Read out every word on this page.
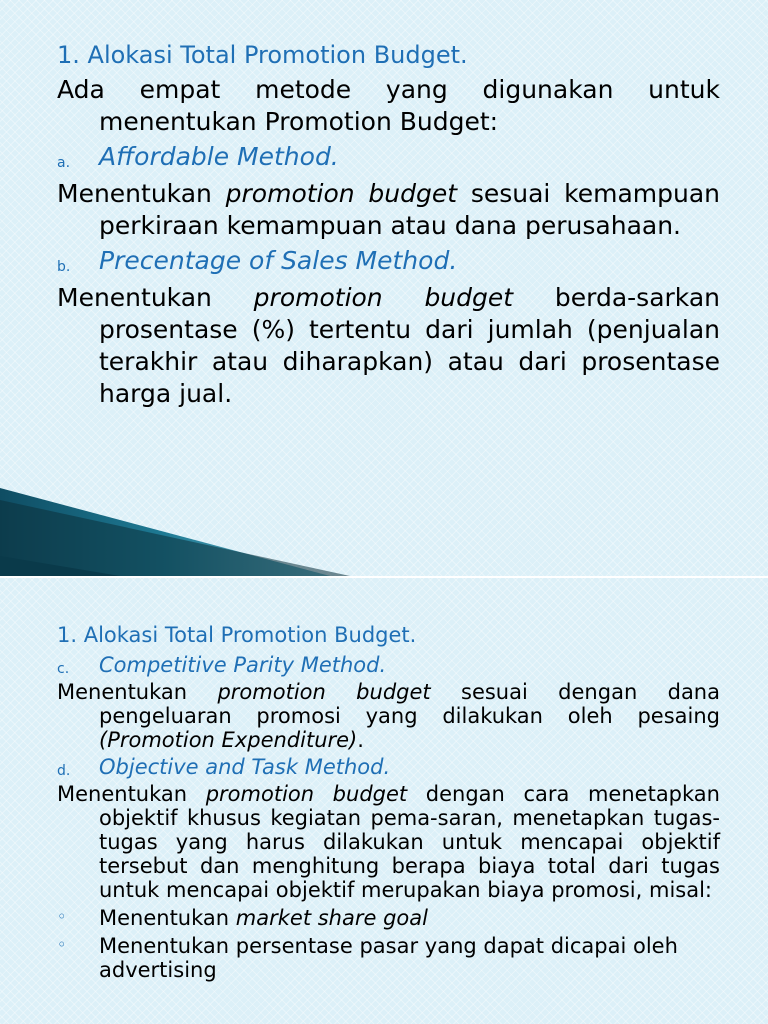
1. Alokasi Total Promotion Budget.
Ada empat metode yang digunakan untuk menentukan Promotion Budget:
a. Affordable Method.
Menentukan promotion budget sesuai kemampuan perkiraan kemampuan atau dana perusahaan.
b. Precentage of Sales Method.
Menentukan promotion budget berda-sarkan prosentase (%) tertentu dari jumlah (penjualan terakhir atau diharapkan) atau dari prosentase harga jual.
1. Alokasi Total Promotion Budget.
c. Competitive Parity Method.
Menentukan promotion budget sesuai dengan dana pengeluaran promosi yang dilakukan oleh pesaing (Promotion Expenditure).
d. Objective and Task Method.
Menentukan promotion budget dengan cara menetapkan objektif khusus kegiatan pema-saran, menetapkan tugas-tugas yang harus dilakukan untuk mencapai objektif tersebut dan menghitung berapa biaya total dari tugas untuk mencapai objektif merupakan biaya promosi, misal:
◦ Menentukan market share goal
◦ Menentukan persentase pasar yang dapat dicapai oleh advertising
